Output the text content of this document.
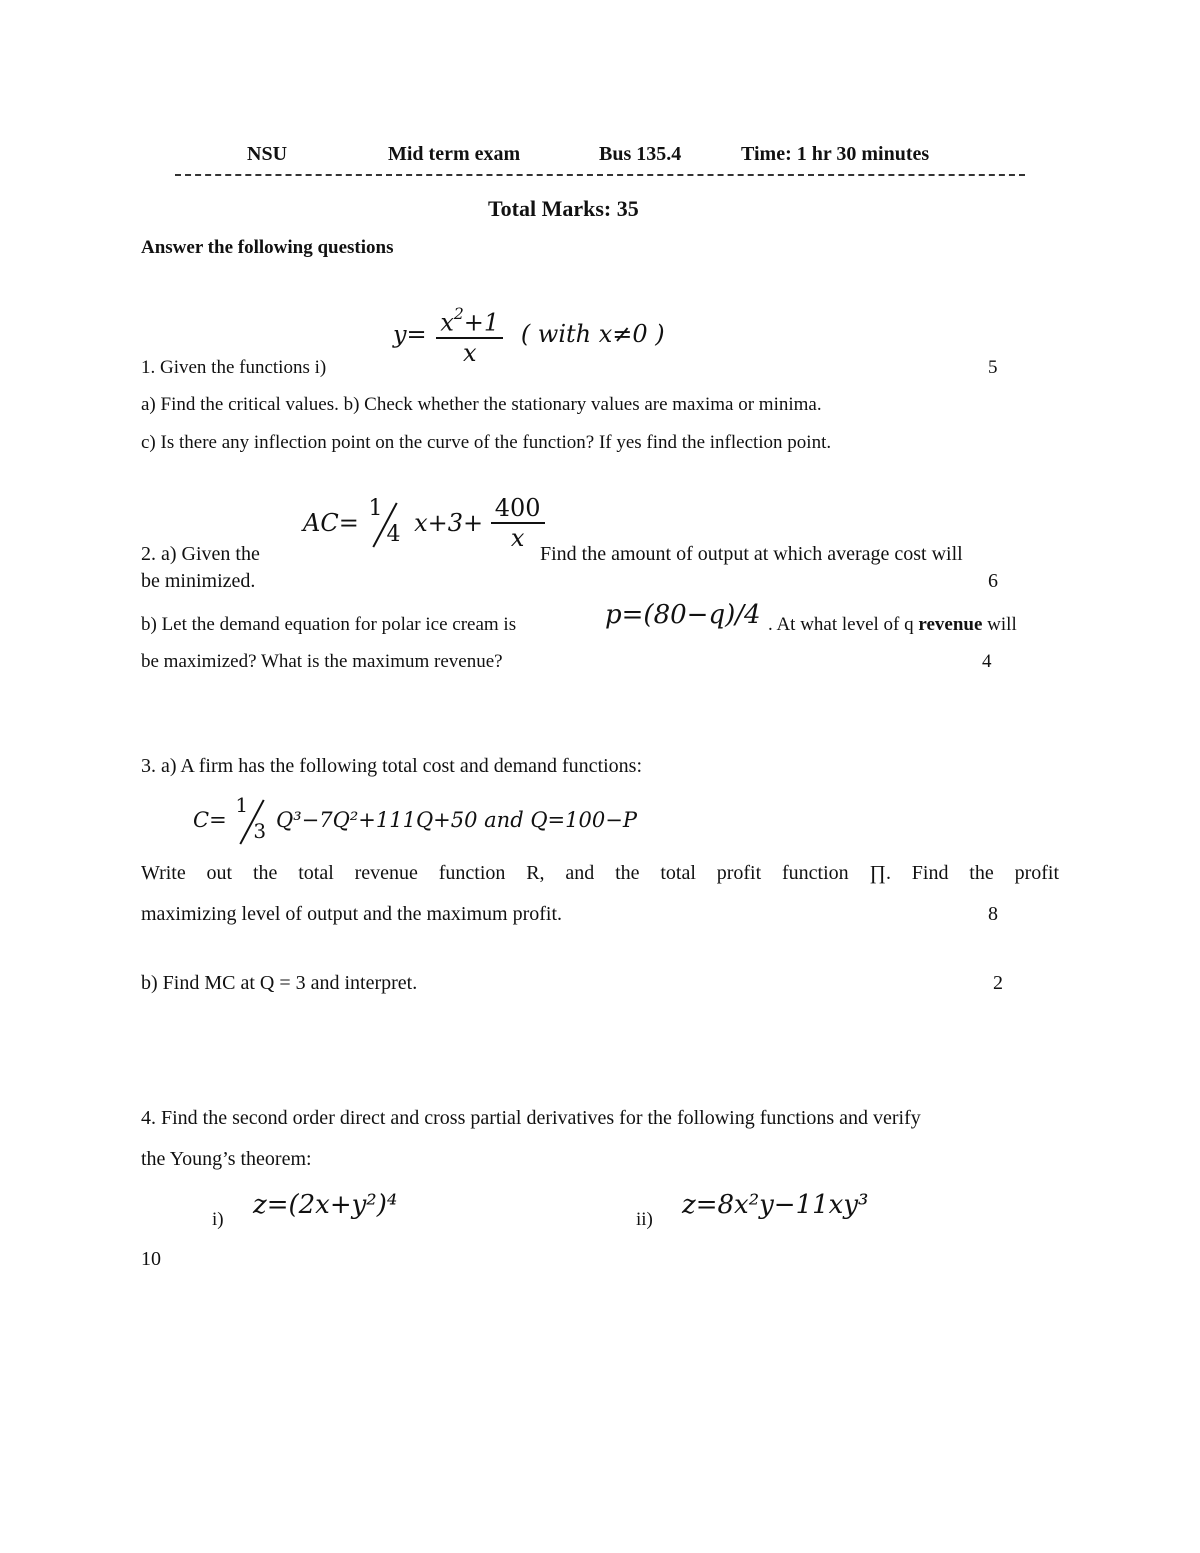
NSU	Mid term exam	Bus 135.4	Time: 1 hr 30 minutes
Total Marks: 35
Answer the following questions
$y= \frac{x^2+1}{x}$ ( with x≠0 )
1. Given the functions i)	5
a) Find the critical values. b) Check whether the stationary values are maxima or minima.
c) Is there any inflection point on the curve of the function? If yes find the inflection point.
AC=
1
4 $x+3+ \frac{400}{x}$
2. a) Given the	Find the amount of output at which average cost will
be minimized.	6
b) Let the demand equation for polar ice cream is	p=(80−q)/4 . At what level of q revenue will
be maximized? What is the maximum revenue?	4
3. a) A firm has the following total cost and demand functions:
C=
1
3 Q³−7Q²+111Q+50 and Q=100−P
Write out the total revenue function R, and the total profit function ∏. Find the profit
maximizing level of output and the maximum profit.	8
b) Find MC at Q = 3 and interpret.	2
4. Find the second order direct and cross partial derivatives for the following functions and verify
the Young’s theorem:
i) z=(2x+y²)⁴	ii) z=8x²y−11xy³
10
